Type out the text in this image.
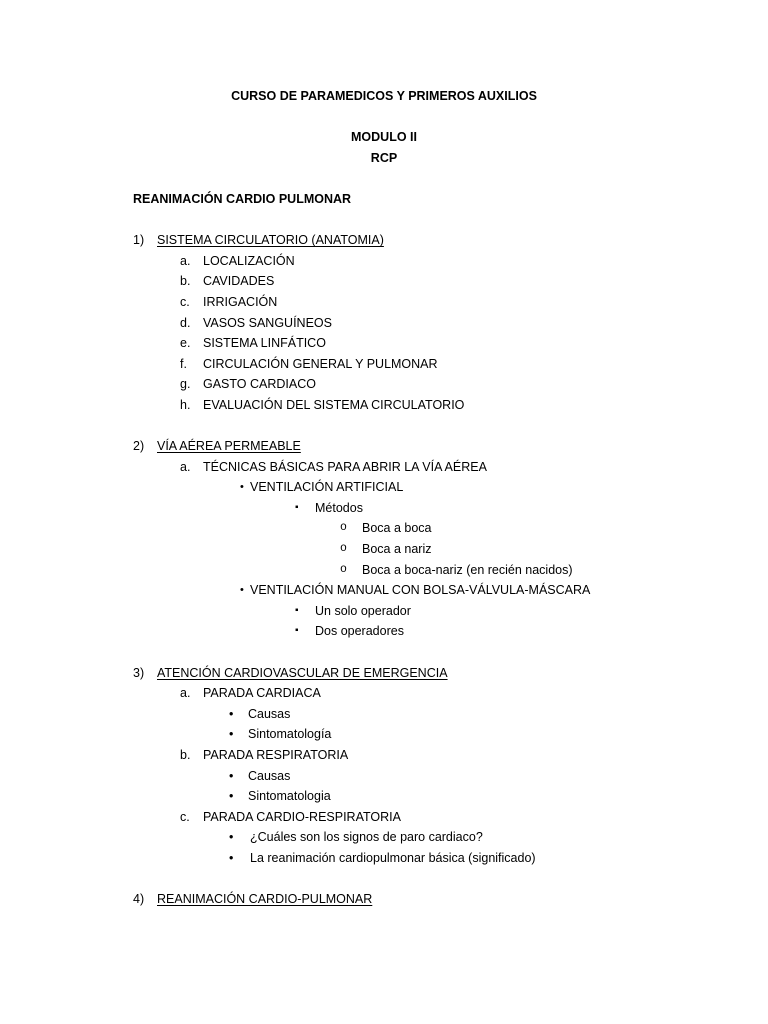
CURSO DE PARAMEDICOS Y PRIMEROS AUXILIOS
MODULO II
RCP
REANIMACIÓN CARDIO PULMONAR
1) SISTEMA CIRCULATORIO (ANATOMIA)
a. LOCALIZACIÓN
b. CAVIDADES
c. IRRIGACIÓN
d. VASOS SANGUÍNEOS
e. SISTEMA LINFÁTICO
f. CIRCULACIÓN GENERAL Y PULMONAR
g. GASTO CARDIACO
h. EVALUACIÓN DEL SISTEMA CIRCULATORIO
2) VÍA AÉREA PERMEABLE
a. TÉCNICAS BÁSICAS PARA ABRIR LA VÍA AÉREA
• VENTILACIÓN ARTIFICIAL
▪ Métodos
o Boca a boca
o Boca a nariz
o Boca a boca-nariz (en recién nacidos)
• VENTILACIÓN MANUAL CON BOLSA-VÁLVULA-MÁSCARA
▪ Un solo operador
▪ Dos operadores
3) ATENCIÓN CARDIOVASCULAR DE EMERGENCIA
a. PARADA CARDIACA
• Causas
• Sintomatología
b. PARADA RESPIRATORIA
• Causas
• Sintomatologia
c. PARADA CARDIO-RESPIRATORIA
• ¿Cuáles son los signos de paro cardiaco?
• La reanimación cardiopulmonar básica (significado)
4) REANIMACIÓN CARDIO-PULMONAR
